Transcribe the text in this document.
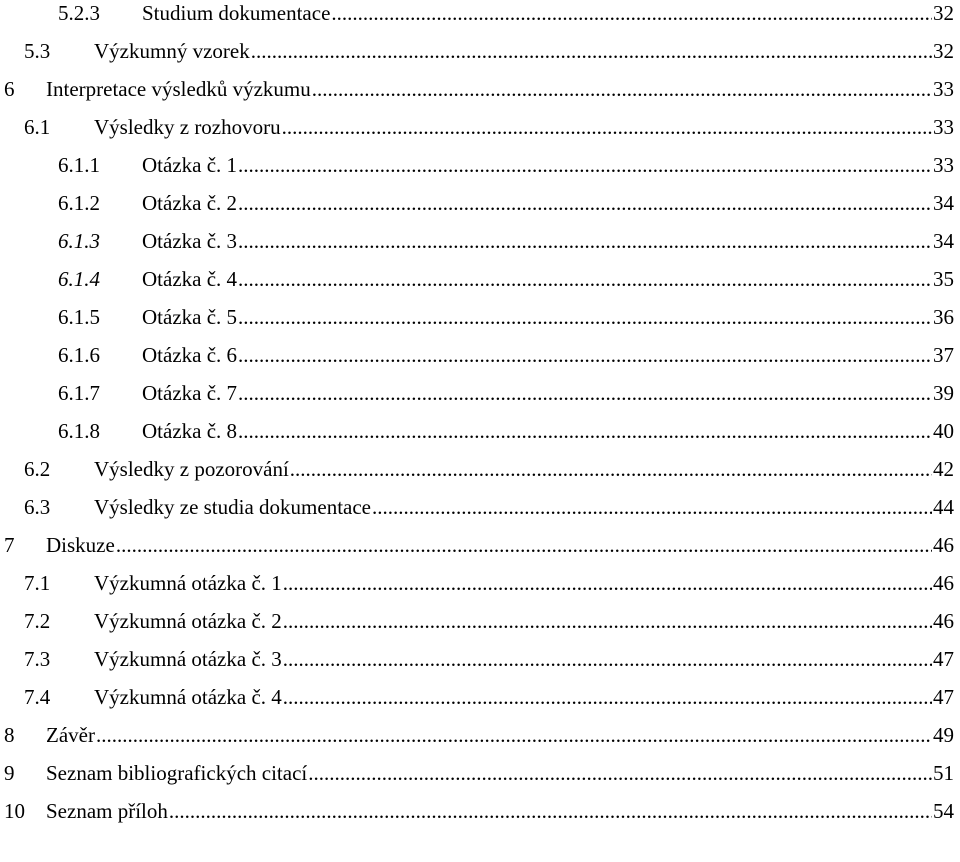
5.2.3 Studium dokumentace .....	32
5.3 Výzkumný vzorek .....	32
6 Interpretace výsledků výzkumu .....	33
6.1 Výsledky z rozhovoru .....	33
6.1.1 Otázka č. 1 .....	33
6.1.2 Otázka č. 2 .....	34
6.1.3 Otázka č. 3 .....	34
6.1.4 Otázka č. 4 .....	35
6.1.5 Otázka č. 5 .....	36
6.1.6 Otázka č. 6 .....	37
6.1.7 Otázka č. 7 .....	39
6.1.8 Otázka č. 8 .....	40
6.2 Výsledky z pozorování .....	42
6.3 Výsledky ze studia dokumentace .....	44
7 Diskuze .....	46
7.1 Výzkumná otázka č. 1 .....	46
7.2 Výzkumná otázka č. 2 .....	46
7.3 Výzkumná otázka č. 3 .....	47
7.4 Výzkumná otázka č. 4 .....	47
8 Závěr .....	49
9 Seznam bibliografických citací .....	51
10 Seznam příloh .....	54
